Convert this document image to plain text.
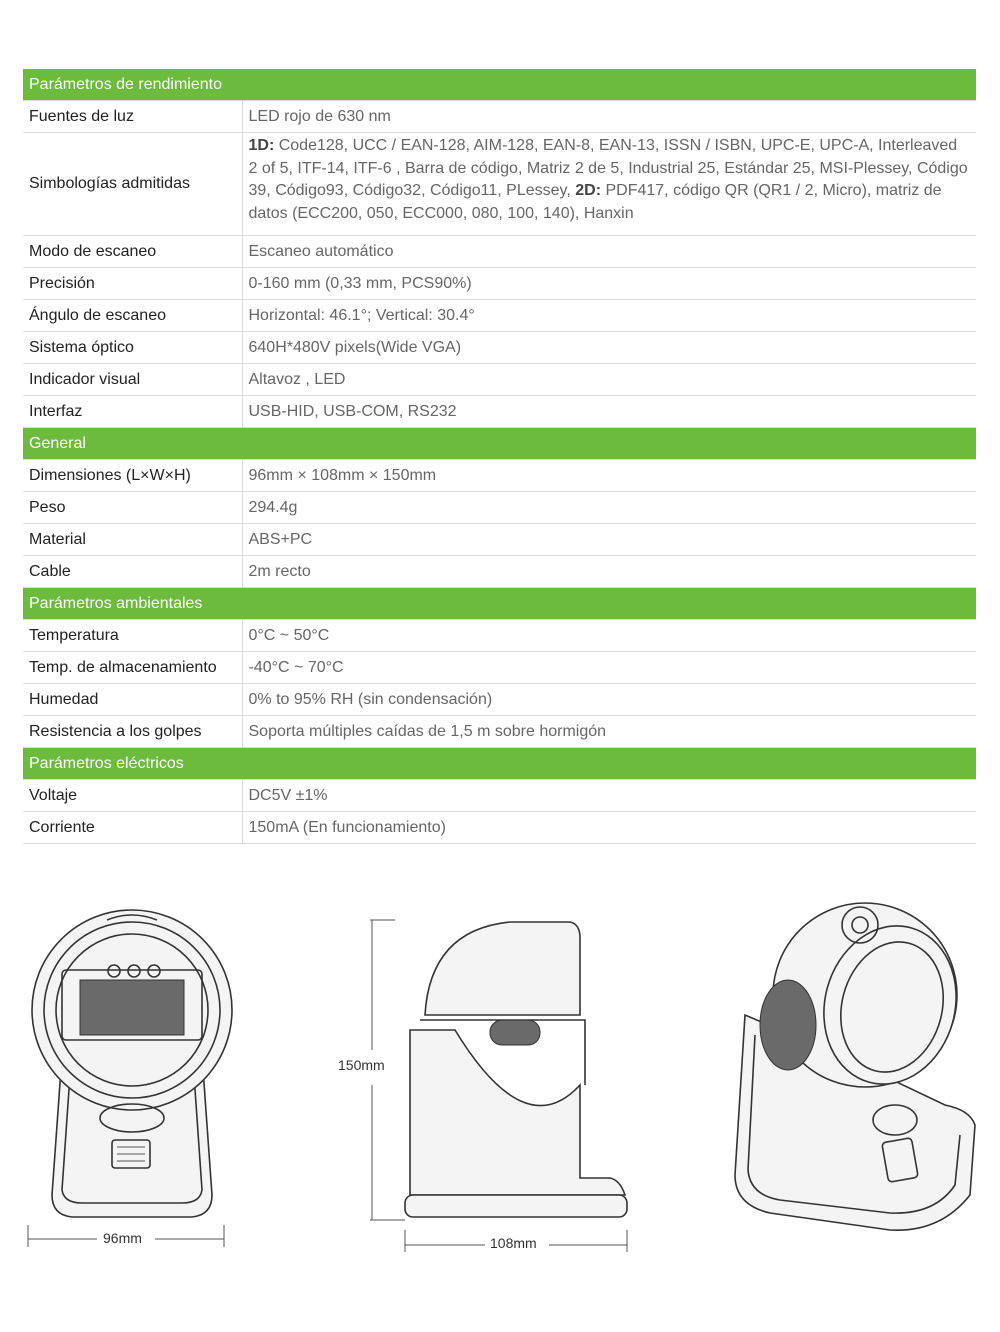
Parámetros de rendimiento	
Fuentes de luz	LED rojo de 630 nm
Simbologías admitidas	1D: Code128, UCC / EAN-128, AIM-128, EAN-8, EAN-13, ISSN / ISBN, UPC-E, UPC-A, Interleaved 2 of 5, ITF-14, ITF-6 , Barra de código, Matriz 2 de 5, Industrial 25, Estándar 25, MSI-Plessey, Código 39, Código93, Código32, Código11, PLessey, 2D: PDF417, código QR (QR1 / 2, Micro), matriz de datos (ECC200, 050, ECC000, 080, 100, 140), Hanxin
Modo de escaneo	Escaneo automático
Precisión	0-160 mm (0,33 mm, PCS90%)
Ángulo de escaneo	Horizontal: 46.1°; Vertical: 30.4°
Sistema óptico	640H*480V pixels(Wide VGA)
Indicador visual	Altavoz , LED
Interfaz	USB-HID, USB-COM, RS232
General	
Dimensiones (L×W×H)	96mm × 108mm × 150mm
Peso	294.4g
Material	ABS+PC
Cable	2m recto
Parámetros ambientales	
Temperatura	0°C ~ 50°C
Temp. de almacenamiento	-40°C ~ 70°C
Humedad	0% to 95% RH (sin condensación)
Resistencia a los golpes	Soporta múltiples caídas de 1,5 m sobre hormigón
Parámetros eléctricos	
Voltaje	DC5V ±1%
Corriente	150mA (En funcionamiento)
96mm
150mm
108mm
